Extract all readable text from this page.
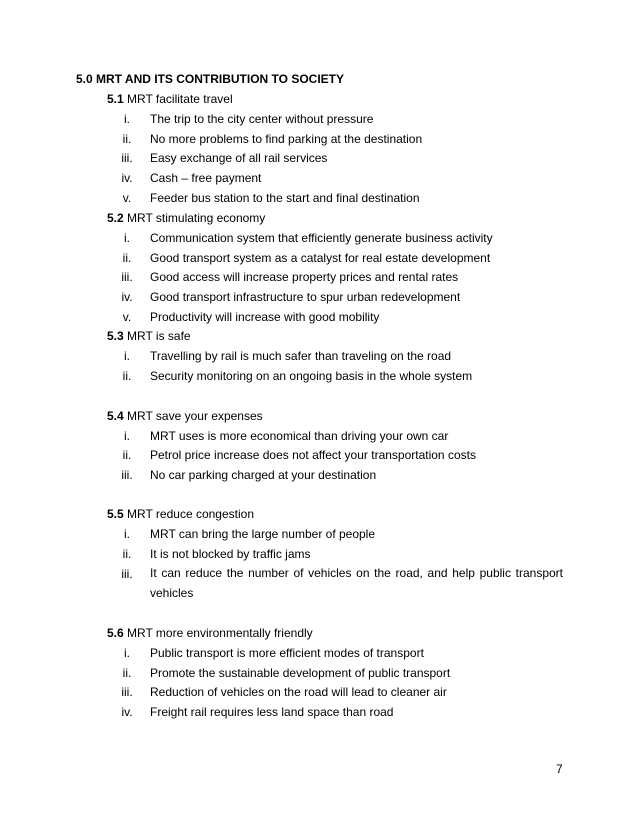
5.0 MRT AND ITS CONTRIBUTION TO SOCIETY
5.1 MRT facilitate travel
i.	The trip to the city center without pressure
ii.	No more problems to find parking at the destination
iii.	Easy exchange of all rail services
iv.	Cash – free payment
v.	Feeder bus station to the start and final destination
5.2 MRT stimulating economy
i.	Communication system that efficiently generate business activity
ii.	Good transport system as a catalyst for real estate development
iii.	Good access will increase property prices and rental rates
iv.	Good transport infrastructure to spur urban redevelopment
v.	Productivity will increase with good mobility
5.3 MRT is safe
i.	Travelling by rail is much safer than traveling on the road
ii.	Security monitoring on an ongoing basis in the whole system
5.4 MRT save your expenses
i.	MRT uses is more economical than driving your own car
ii.	Petrol price increase does not affect your transportation costs
iii.	No car parking charged at your destination
5.5 MRT reduce congestion
i.	MRT can bring the large number of people
ii.	It is not blocked by traffic jams
iii.	It can reduce the number of vehicles on the road, and help public transport vehicles
5.6 MRT more environmentally friendly
i.	Public transport is more efficient modes of transport
ii.	Promote the sustainable development of public transport
iii.	Reduction of vehicles on the road will lead to cleaner air
iv.	Freight rail requires less land space than road
7
